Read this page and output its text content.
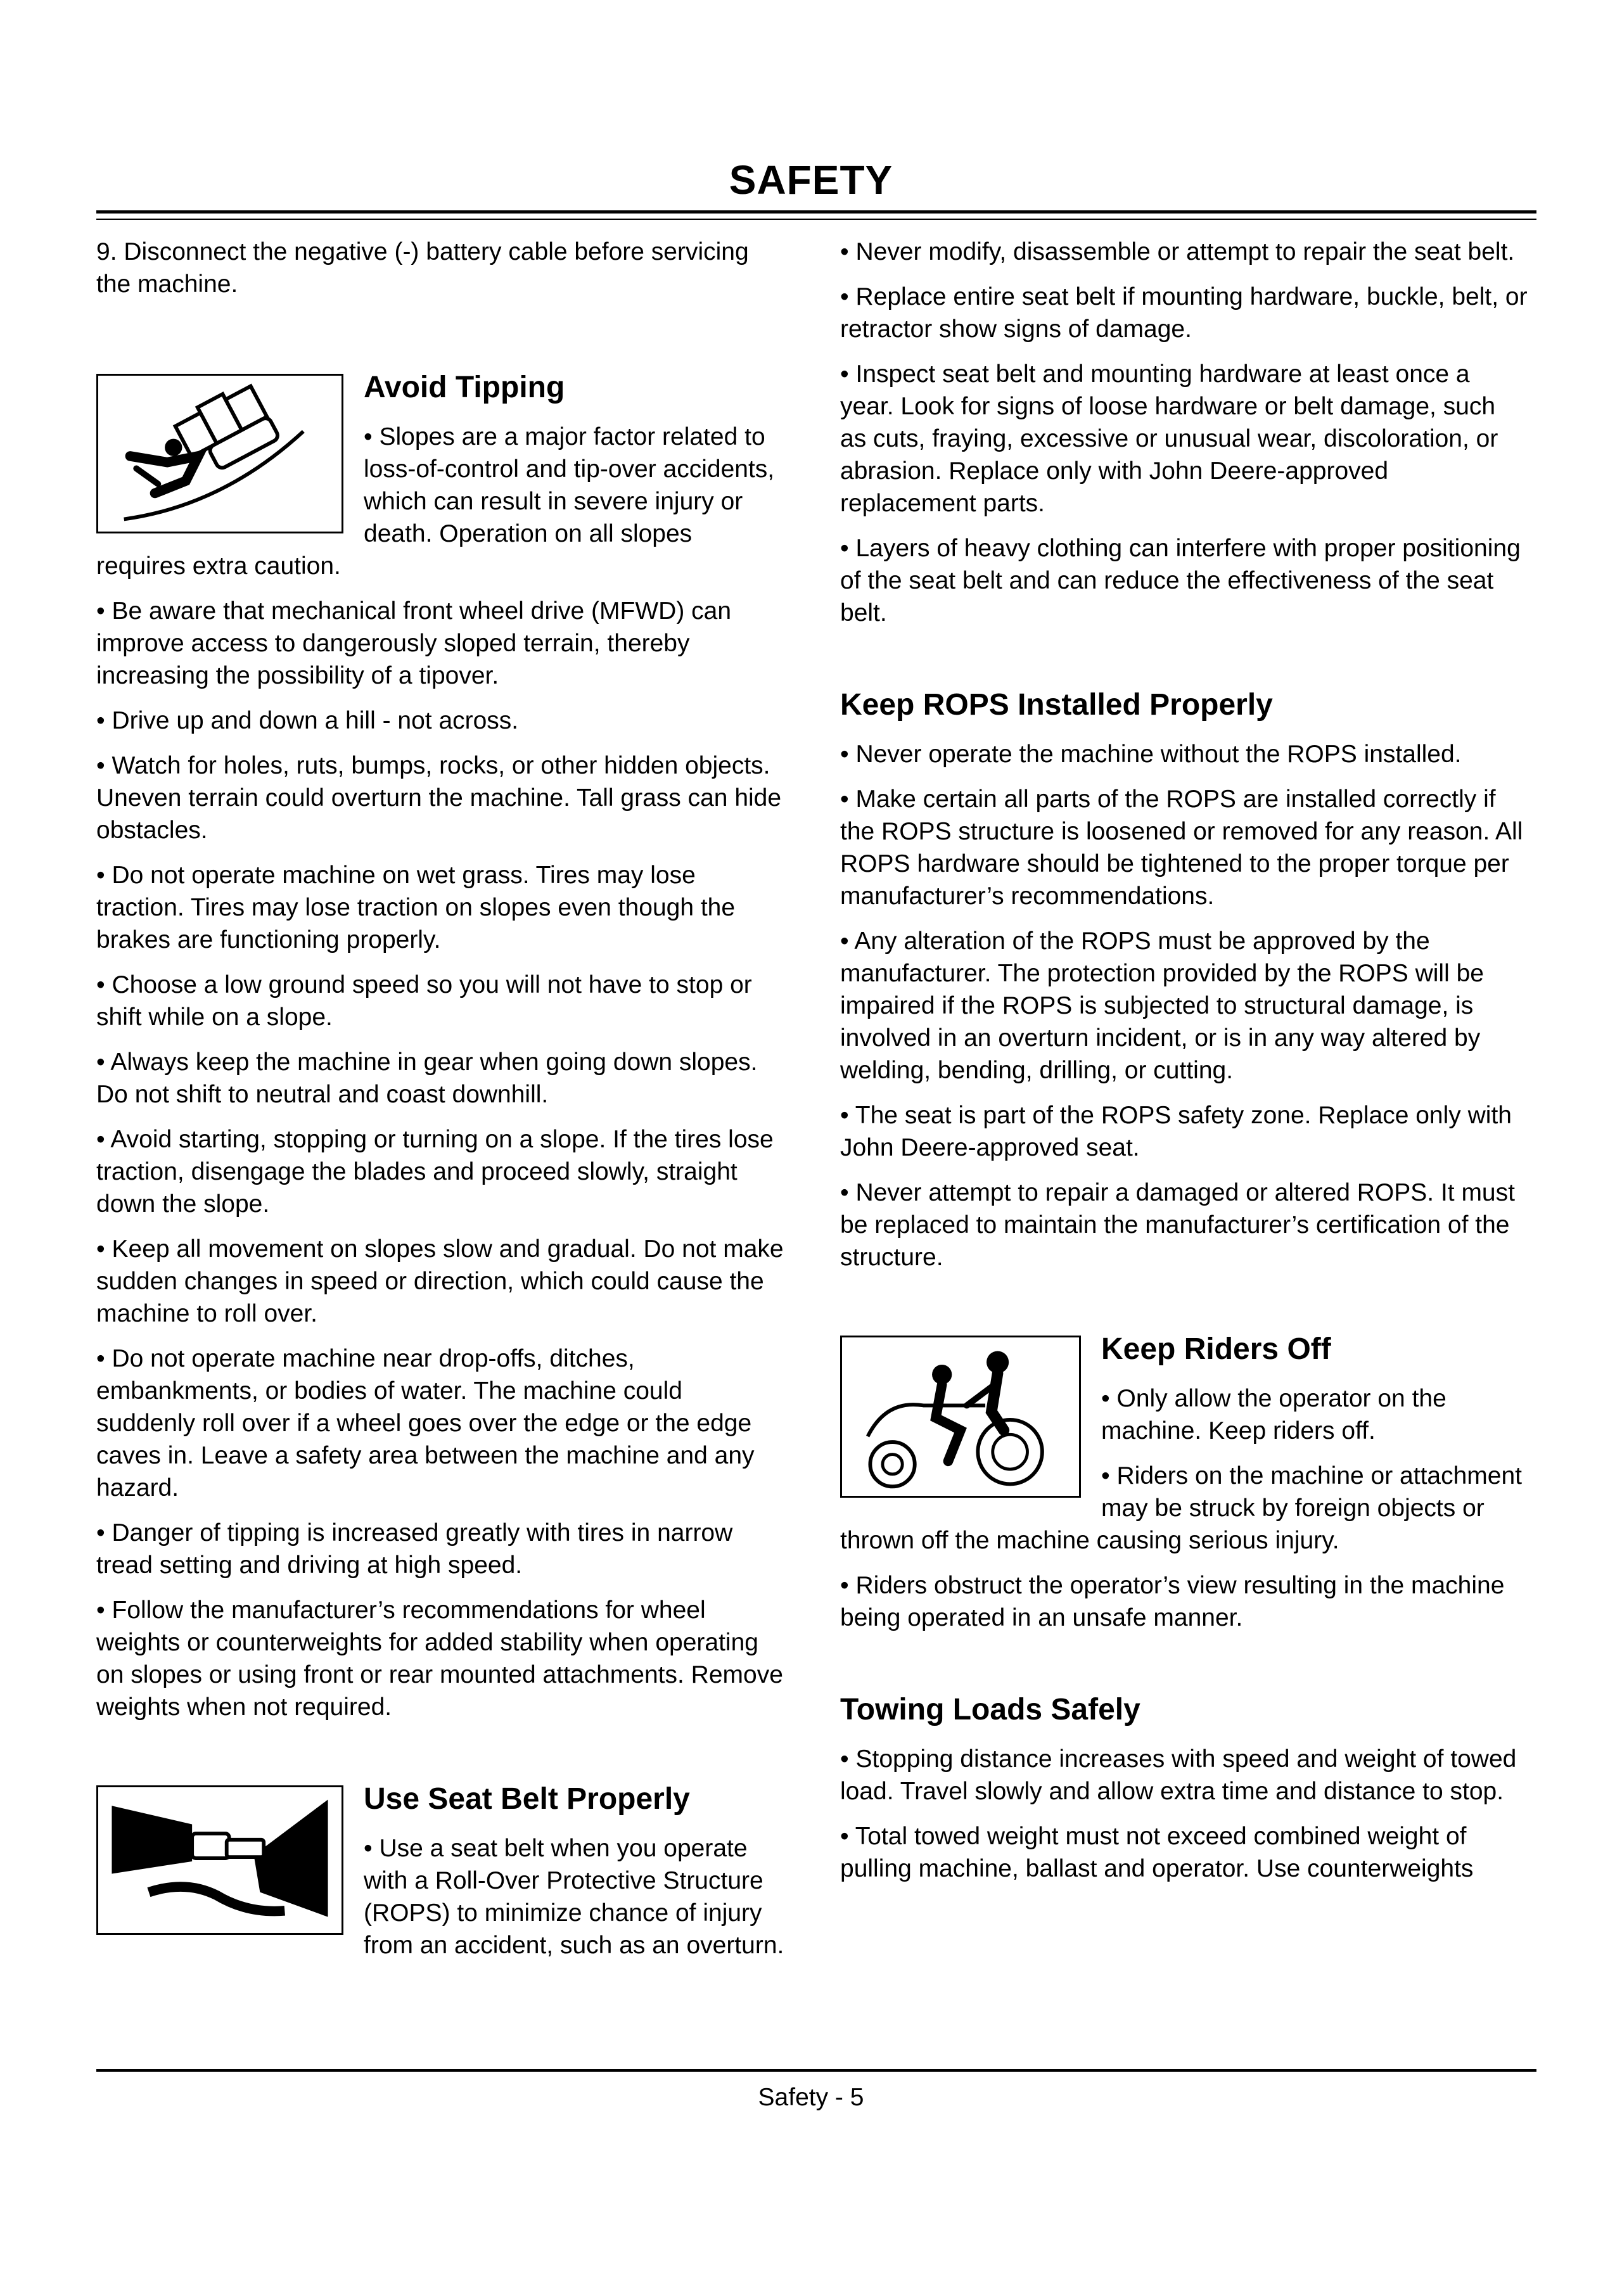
SAFETY

9. Disconnect the negative (-) battery cable before servicing the machine.

Avoid Tipping

• Slopes are a major factor related to loss-of-control and tip-over accidents, which can result in severe injury or death. Operation on all slopes requires extra caution.

• Be aware that mechanical front wheel drive (MFWD) can improve access to dangerously sloped terrain, thereby increasing the possibility of a tipover.

• Drive up and down a hill - not across.

• Watch for holes, ruts, bumps, rocks, or other hidden objects. Uneven terrain could overturn the machine. Tall grass can hide obstacles.

• Do not operate machine on wet grass. Tires may lose traction. Tires may lose traction on slopes even though the brakes are functioning properly.

• Choose a low ground speed so you will not have to stop or shift while on a slope.

• Always keep the machine in gear when going down slopes. Do not shift to neutral and coast downhill.

• Avoid starting, stopping or turning on a slope. If the tires lose traction, disengage the blades and proceed slowly, straight down the slope.

• Keep all movement on slopes slow and gradual. Do not make sudden changes in speed or direction, which could cause the machine to roll over.

• Do not operate machine near drop-offs, ditches, embankments, or bodies of water. The machine could suddenly roll over if a wheel goes over the edge or the edge caves in. Leave a safety area between the machine and any hazard.

• Danger of tipping is increased greatly with tires in narrow tread setting and driving at high speed.

• Follow the manufacturer’s recommendations for wheel weights or counterweights for added stability when operating on slopes or using front or rear mounted attachments. Remove weights when not required.

Use Seat Belt Properly

• Use a seat belt when you operate with a Roll-Over Protective Structure (ROPS) to minimize chance of injury from an accident, such as an overturn.

• Never modify, disassemble or attempt to repair the seat belt.

• Replace entire seat belt if mounting hardware, buckle, belt, or retractor show signs of damage.

• Inspect seat belt and mounting hardware at least once a year. Look for signs of loose hardware or belt damage, such as cuts, fraying, excessive or unusual wear, discoloration, or abrasion. Replace only with John Deere-approved replacement parts.

• Layers of heavy clothing can interfere with proper positioning of the seat belt and can reduce the effectiveness of the seat belt.

Keep ROPS Installed Properly

• Never operate the machine without the ROPS installed.

• Make certain all parts of the ROPS are installed correctly if the ROPS structure is loosened or removed for any reason. All ROPS hardware should be tightened to the proper torque per manufacturer’s recommendations.

• Any alteration of the ROPS must be approved by the manufacturer. The protection provided by the ROPS will be impaired if the ROPS is subjected to structural damage, is involved in an overturn incident, or is in any way altered by welding, bending, drilling, or cutting.

• The seat is part of the ROPS safety zone. Replace only with John Deere-approved seat.

• Never attempt to repair a damaged or altered ROPS. It must be replaced to maintain the manufacturer’s certification of the structure.

Keep Riders Off

• Only allow the operator on the machine. Keep riders off.

• Riders on the machine or attachment may be struck by foreign objects or thrown off the machine causing serious injury.

• Riders obstruct the operator’s view resulting in the machine being operated in an unsafe manner.

Towing Loads Safely

• Stopping distance increases with speed and weight of towed load. Travel slowly and allow extra time and distance to stop.

• Total towed weight must not exceed combined weight of pulling machine, ballast and operator. Use counterweights

Safety - 5
